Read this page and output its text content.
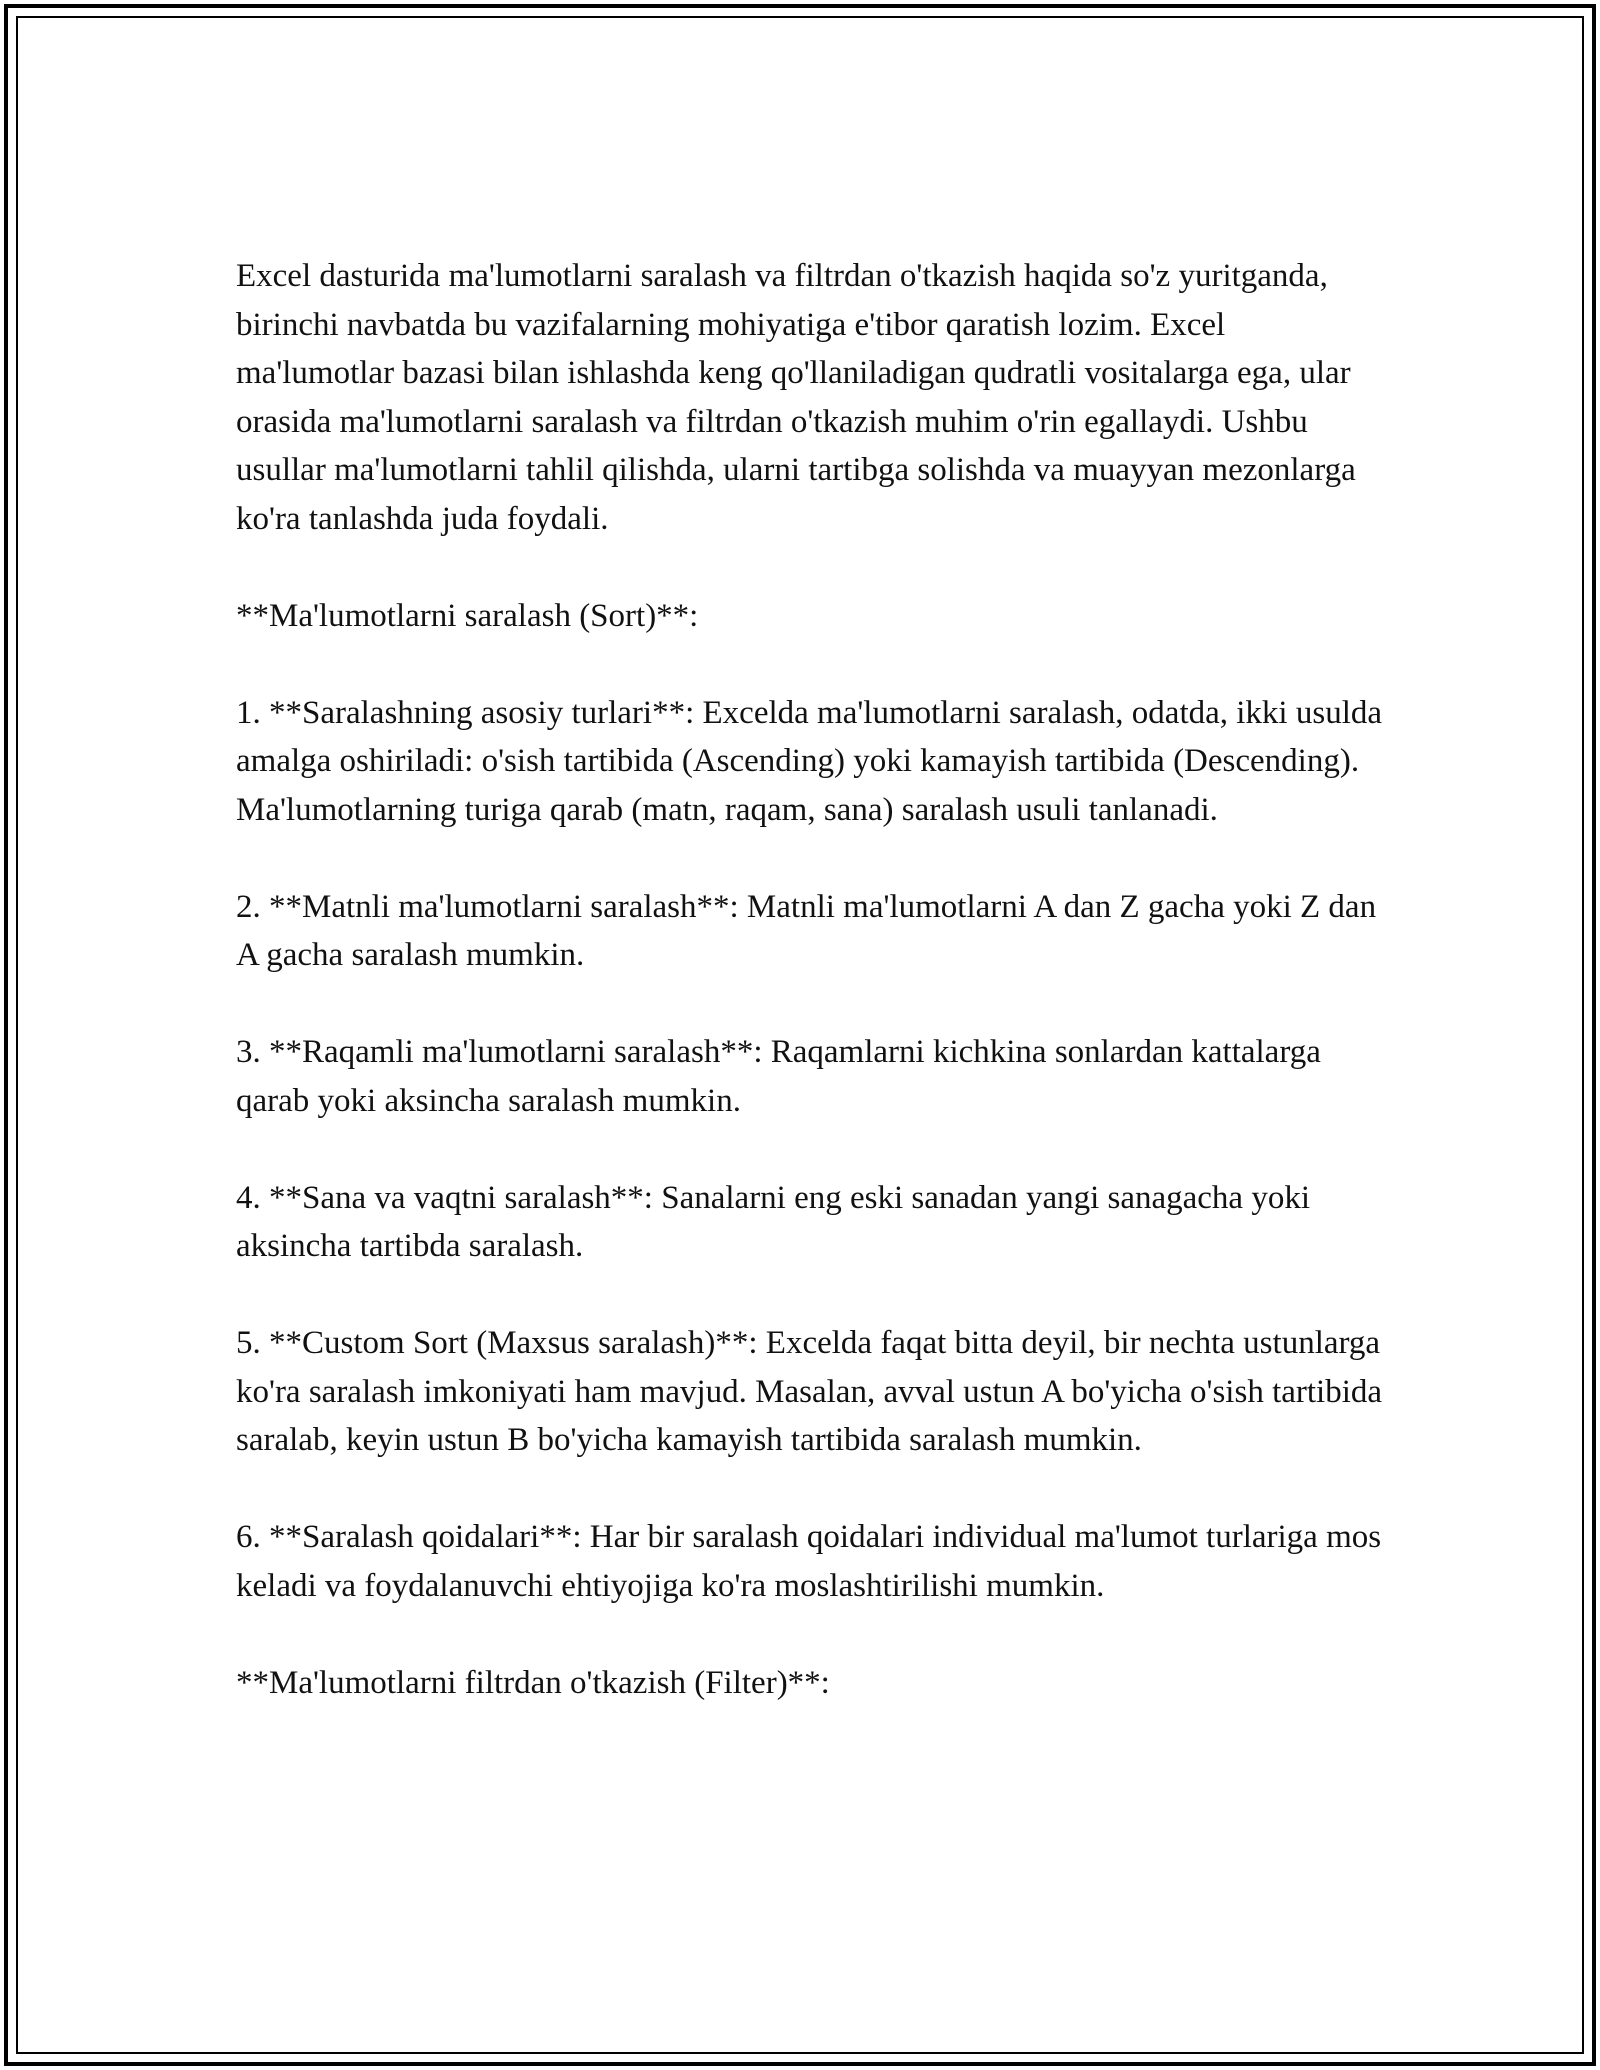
Excel dasturida ma'lumotlarni saralash va filtrdan o'tkazish haqida so'z yuritganda, birinchi navbatda bu vazifalarning mohiyatiga e'tibor qaratish lozim. Excel ma'lumotlar bazasi bilan ishlashda keng qo'llaniladigan qudratli vositalarga ega, ular orasida ma'lumotlarni saralash va filtrdan o'tkazish muhim o'rin egallaydi. Ushbu usullar ma'lumotlarni tahlil qilishda, ularni tartibga solishda va muayyan mezonlarga ko'ra tanlashda juda foydali.

**Ma'lumotlarni saralash (Sort)**:

1. **Saralashning asosiy turlari**: Excelda ma'lumotlarni saralash, odatda, ikki usulda amalga oshiriladi: o'sish tartibida (Ascending) yoki kamayish tartibida (Descending). Ma'lumotlarning turiga qarab (matn, raqam, sana) saralash usuli tanlanadi.

2. **Matnli ma'lumotlarni saralash**: Matnli ma'lumotlarni A dan Z gacha yoki Z dan A gacha saralash mumkin.

3. **Raqamli ma'lumotlarni saralash**: Raqamlarni kichkina sonlardan kattalarga qarab yoki aksincha saralash mumkin.

4. **Sana va vaqtni saralash**: Sanalarni eng eski sanadan yangi sanagacha yoki aksincha tartibda saralash.

5. **Custom Sort (Maxsus saralash)**: Excelda faqat bitta deyil, bir nechta ustunlarga ko'ra saralash imkoniyati ham mavjud. Masalan, avval ustun A bo'yicha o'sish tartibida saralab, keyin ustun B bo'yicha kamayish tartibida saralash mumkin.

6. **Saralash qoidalari**: Har bir saralash qoidalari individual ma'lumot turlariga mos keladi va foydalanuvchi ehtiyojiga ko'ra moslashtirilishi mumkin.

**Ma'lumotlarni filtrdan o'tkazish (Filter)**:
